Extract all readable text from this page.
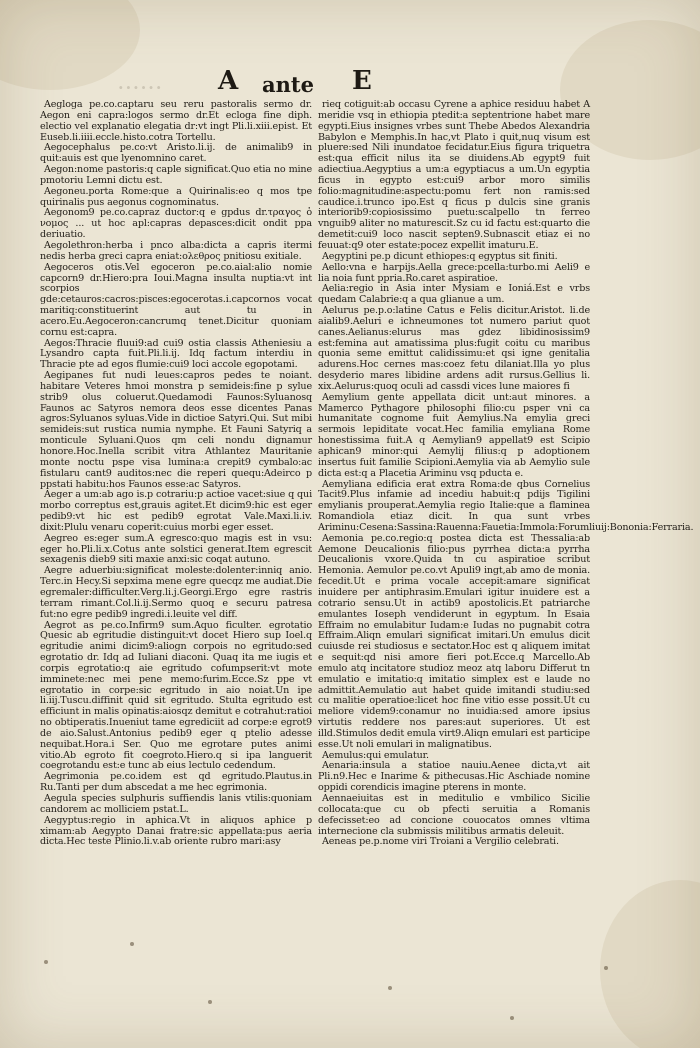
...... A ante E

Aegloga pe.co.captaru seu reru pastoralis sermo dr. Aegon eni capra:logos sermo dr.Et ecloga fine diph. electio vel explanatio elegatia dr:vt ingt Pli.li.xiii.epist. Et Euseb.li.iiii.eccle.histo.cotra Tortellu.

Aegocephalus pe.co:vt Aristo.li.ij. de animalib9 in quit:auis est que lyenomnino caret.

Aegon:nome pastoris:q caple significat.Quo etia no mine pmotoriu Lemni dictu est.

Aegoneu.porta Rome:que a Quirinalis:eo q mos tpe quirinalis pus aegonus cognominatus.

Aegonom9 pe.co.capraz ductor:q e gpdus dr.τραγος ὁ νομος ... ut hoc apl:capras depasces:dicit ondit ppa deriuatio.

Aegolethron:herba i pnco alba:dicta a capris itermi nedis herba greci capra eniat:ολεθρος pnitiosu exitiale.

Aegoceros otis.Vel egoceron pe.co.aial:alio nomie capcorn9 dr.Hiero:pra Ioui.Magna insulta nuptia:vt int scorpios gde:cetauros:cacros:pisces:egocerotas.i.capcornos vocat maritiq:constituerint aut tu in acero.Eu.Aegoceron:cancrumq tenet.Dicitur quoniam cornu est:capra.

Aegos:Thracie fluui9:ad cui9 ostia classis Atheniesiu a Lysandro capta fuit.Pli.li.ij. Idq factum interdiu in Thracie pte ad egos flumie:cui9 loci accole egopotami.

Aegipanes fut nudi leues:capros pedes te noiant. habitare Veteres hmoi monstra p semideis:fine p sylue strib9 olus coluerut.Quedamodi Faunos:Syluanosq Faunos ac Satyros nemora deos esse dicentes Panas agros:Syluanos syluas.Vide in dictioe Satyri.Qui. Sut mibi semideis:sut rustica numia nymphe. Et Fauni Satyriq a monticule Syluani.Quos qm celi nondu dignamur honore.Hoc.Inella scribit vitra Athlantez Mauritanie monte noctu pspe visa lumina:a crepit9 cymbalo:ac fistularu cant9 auditos:nec die reperi quequ:Adeirco p ppstati habitu:hos Faunos esse:ac Satyros.

Aeger a um:ab ago is.p cotrariu:p actioe vacet:siue q qui morbo correptus est,grauis agitet.Et dicim9:hic est eger pedib9:vt hic est pedib9 egrotat Vale.Maxi.li.iv. dixit:Plulu venaru coperit:cuius morbi eger esset.

Aegreo es:eger sum.A egresco:quo magis est in vsu: eger ho.Pli.li.x.Cotus ante solstici generat.Item egrescit sexagenis dieb9 siti maxie anxi:sic coqat autuno.

Aegre aduerbiu:significat moleste:dolenter:inniq anio. Terc.in Hecy.Si sepxima mene egre quecqz me audiat.Die egremaler:difficulter.Verg.li.j.Georgi.Ergo egre rastris terram rimant.Col.li.ij.Sermo quoq e securu patresa fut:no egre pedib9 ingredi.i.leuite vel diff.

Aegrot as pe.co.Infirm9 sum.Aquo ficulter. egrotatio Quesic ab egritudie distinguit:vt docet Hiero sup Ioel.q egritudie animi dicim9:aliogn corpois no egritudo:sed egrotatio dr. Idq ad Iuliani diaconi. Quaq ita me iugis et corpis egrotatio:q aie egritudo cofumpserit:vt mote imminete:nec mei pene memo:furim.Ecce.Sz ppe vt egrotatio in corpe:sic egritudo in aio noiat.Un ipe li.iij.Tuscu.diffinit quid sit egritudo. Stulta egritudo est efficiunt in malis opinatis:aiosqz demitut e cotrahut:ratioi no obtiperatis.Inueniut tame egrediciit ad corpe:e egrot9 de aio.Salust.Antonius pedib9 eger q ptelio adesse nequibat.Hora.i Ser. Quo me egrotare putes animi vitio.Ab egroto fit coegroto.Hiero.q si ipa languerit coegrotandu est:e tunc ab eius lectulo cedendum.

Aegrimonia pe.co.idem est qd egritudo.Plautus.in Ru.Tanti per dum abscedat a me hec egrimonia.

Aegula species sulphuris suffiendis lanis vtilis:quoniam candorem ac molliciem pstat.L.

Aegyptus:regio in aphica.Vt in aliquos aphice p ximam:ab Aegypto Danai fratre:sic appellata:pus aeria dicta.Hec teste Plinio.li.v.ab oriente rubro mari:asy

rieq cotiguit:ab occasu Cyrene a aphice residuu habet A meridie vsq in ethiopia ptedit:a septentrione habet mare egypti.Eius insignes vrbes sunt Thebe Abedos Alexandria Babylon e Memphis.In hac,vt Plato i quit,nuq visum est pluere:sed Nili inundatoe fecidatur.Eius figura triquetra est:qua efficit nilus ita se diuidens.Ab egypt9 fuit adiectiua.Aegyptius a um:a egyptiacus a um.Un egyptia ficus in egypto est:cui9 arbor moro similis folio:magnitudine:aspectu:pomu fert non ramis:sed caudice.i.trunco ipo.Est q ficus p dulcis sine granis interiorib9:copiosissimo puetu:scalpello tn ferreo vnguib9 aliter no maturescit.Sz cu id factu est:quarto die demetit:cui9 loco nascit septen9.Subnascit etiaz ei no feuuat:q9 oter estate:pocez expellit imaturu.E.

Aegyptini pe.p dicunt ethiopes:q egyptus sit finiti.

Aello:vna e harpijs.Aella grece:pcella:turbo.mi Aeli9 e lia noia funt ppria.Ro.caret aspiratioe.

Aelia:regio in Asia inter Mysiam e Ioniá.Est e vrbs quedam Calabrie:q a qua glianue a um.

Aelurus pe.p.o:latine Catus e Felis dicitur.Aristot. li.de aialib9.Aeluri e ichneumones tot numero pariut quot canes.Aelianus:elurus mas gdez libidinosissim9 est:femina aut amatissima plus:fugit coitu cu maribus quonia seme emittut calidissimu:et qsi igne genitalia adurens.Hoc cernes mas:coez fetu dilaniat.Illa yo plus desyderio mares libidine ardens adit rursus.Gellius li. xix.Aelurus:quoq oculi ad cassdi vices lune maiores fi

Aemylium gente appellata dicit unt:aut minores. a Mamerco Pythagore philosophi filio:cu psper vni ca humanitate cognome fuit Aemylius.Na emylia greci sermois lepiditate vocat.Hec familia emyliana Rome honestissima fuit.A q Aemylian9 appellat9 est Scipio aphican9 minor:qui Aemylij filius:q p adoptionem insertus fuit familie Scipioni.Aemylia via ab Aemylio sule dicta est:q a Placetia Ariminu vsq pducta e.

Aemyliana edificia erat extra Roma:de qbus Cornelius Tacit9.Plus infamie ad incediu habuit:q pdijs Tigilini emylianis prouperat.Aemylia regio Italie:que a flaminea Romandiola etiaz dicit. In qua sunt vrbes Ariminu:Cesena:Sassina:Rauenna:Fauetia:Immola:Forumliuij:Bononia:Ferraria.

Aemonia pe.co.regio:q postea dicta est Thessalia:ab Aemone Deucalionis filio:pus pyrrhea dicta:a pyrrha Deucalionis vxore.Quida tn cu aspiratioe scribut Hemonia. Aemulor pe.co.vt Apuli9 ingt,ab amo de monia. fecedit.Ut e prima vocale accepit:amare significat inuidere per antiphrasim.Emulari igitur inuidere est a cotrario sensu.Ut in actib9 apostolicis.Et patriarche emulantes Ioseph vendiderunt in egyptum. In Esaia Effraim no emulabitur Iudam:e Iudas no pugnabit cotra Effraim.Aliqn emulari significat imitari.Un emulus dicit cuiusde rei studiosus e sectator.Hoc est q aliquem imitat e sequit:qd nisi amore fieri pot.Ecce.q Marcello.Ab emulo atq incitatore studioz meoz atq laboru Differut tn emulatio e imitatio:q imitatio simplex est e laude no admittit.Aemulatio aut habet quide imitandi studiu:sed cu malitie operatioe:licet hoc fine vitio esse possit.Ut cu meliore videm9:conamur no inuidia:sed amore ipsius virtutis reddere nos pares:aut superiores. Ut est illd.Stimulos dedit emula virt9.Aliqn emulari est participe esse.Ut noli emulari in malignatibus.

Aemulus:qui emulatur.

Aenaria:insula a statioe nauiu.Aenee dicta,vt ait Pli.n9.Hec e Inarime & pithecusas.Hic Aschiade nomine oppidi corendicis imagine pterens in monte.

Aennaeiuitas est in meditulio e vmbilico Sicilie collocata:que cu ob pfecti seruitia a Romanis defecisset:eo ad concione couocatos omnes vltima internecione cla submissis militibus armatis deleuit.

Aeneas pe.p.nome viri Troiani a Vergilio celebrati.
